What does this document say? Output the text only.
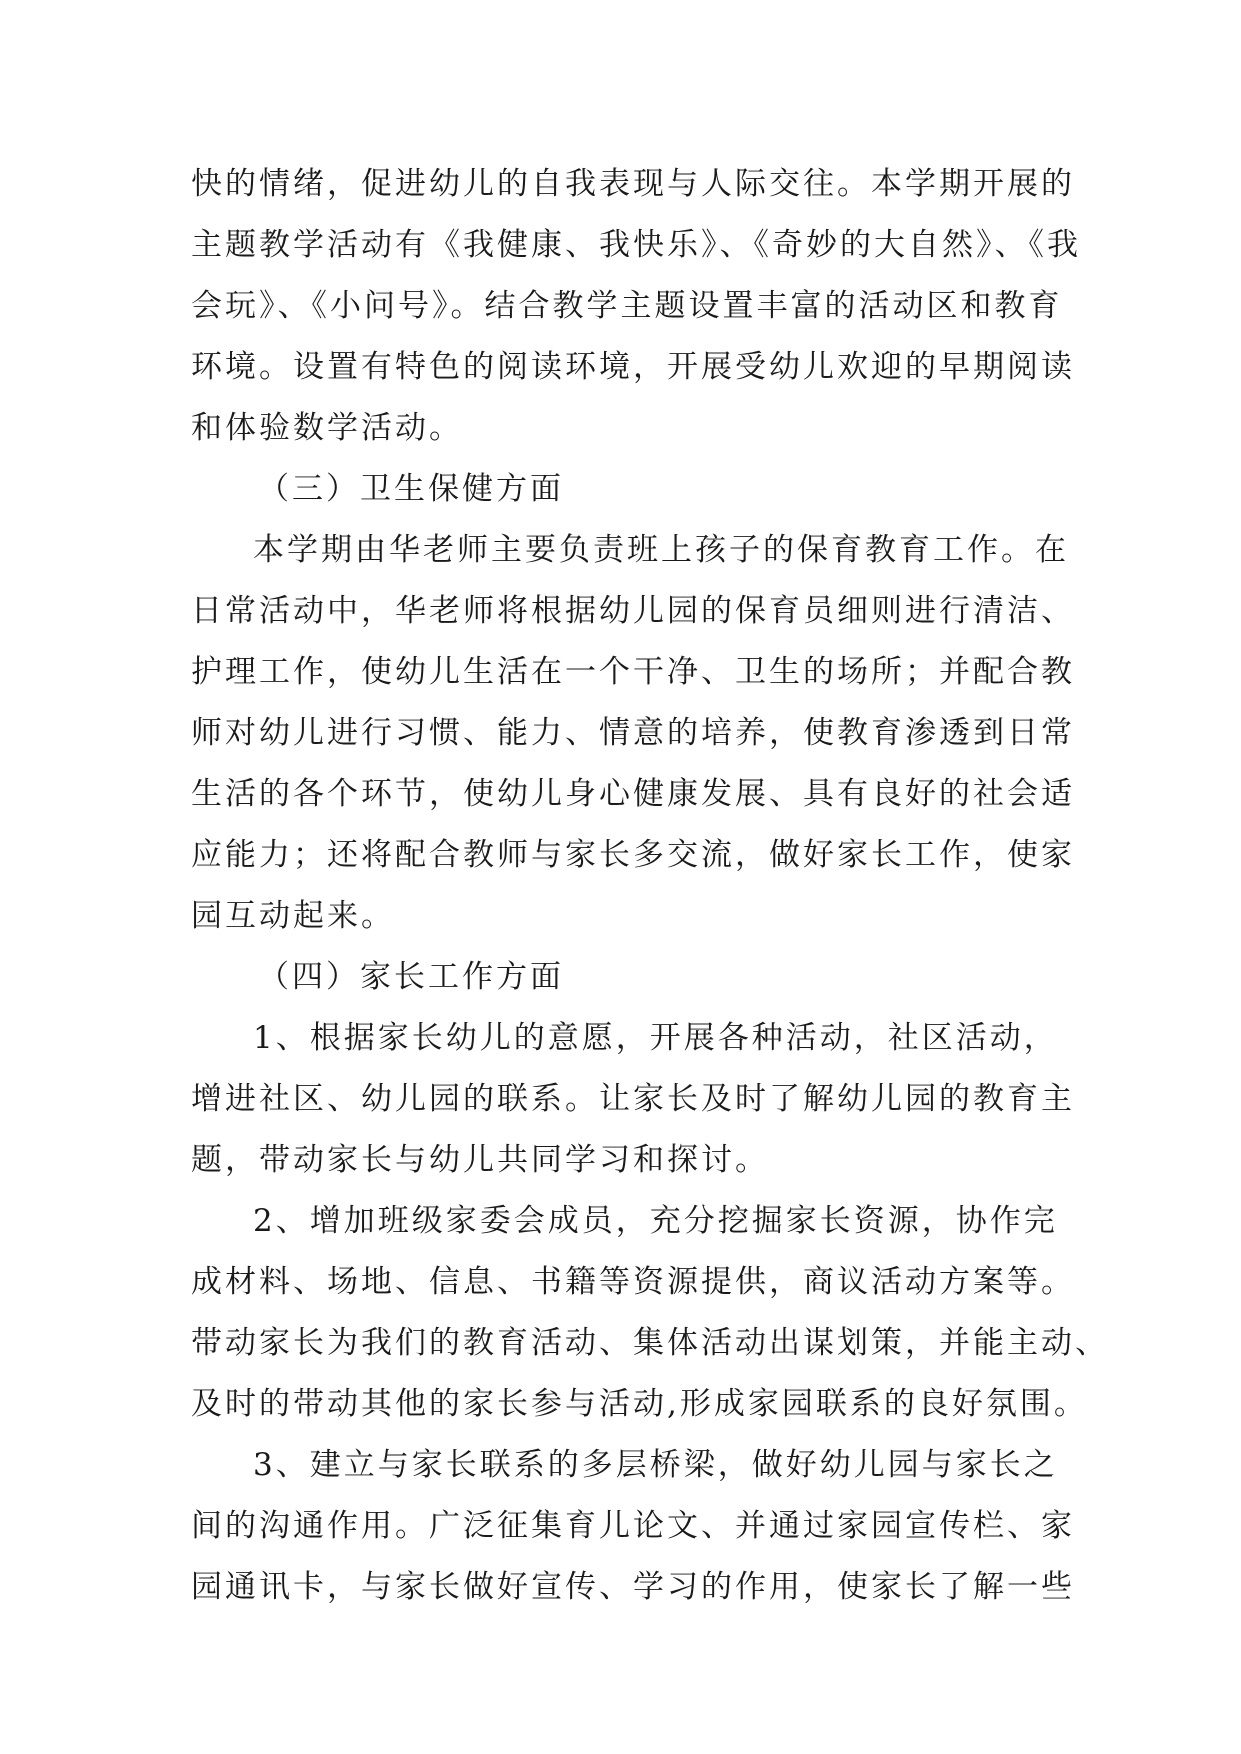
快的情绪，促进幼儿的自我表现与人际交往。本学期开展的
主题教学活动有《我健康、我快乐》、《奇妙的大自然》、《我
会玩》、《小问号》。结合教学主题设置丰富的活动区和教育
环境。设置有特色的阅读环境，开展受幼儿欢迎的早期阅读
和体验数学活动。
（三）卫生保健方面
本学期由华老师主要负责班上孩子的保育教育工作。在
日常活动中，华老师将根据幼儿园的保育员细则进行清洁、
护理工作，使幼儿生活在一个干净、卫生的场所；并配合教
师对幼儿进行习惯、能力、情意的培养，使教育渗透到日常
生活的各个环节，使幼儿身心健康发展、具有良好的社会适
应能力；还将配合教师与家长多交流，做好家长工作，使家
园互动起来。
（四）家长工作方面
1、根据家长幼儿的意愿，开展各种活动，社区活动，
增进社区、幼儿园的联系。让家长及时了解幼儿园的教育主
题，带动家长与幼儿共同学习和探讨。
2、增加班级家委会成员，充分挖掘家长资源，协作完
成材料、场地、信息、书籍等资源提供，商议活动方案等。
带动家长为我们的教育活动、集体活动出谋划策，并能主动、
及时的带动其他的家长参与活动,形成家园联系的良好氛围。
3、建立与家长联系的多层桥梁，做好幼儿园与家长之
间的沟通作用。广泛征集育儿论文、并通过家园宣传栏、家
园通讯卡，与家长做好宣传、学习的作用，使家长了解一些
